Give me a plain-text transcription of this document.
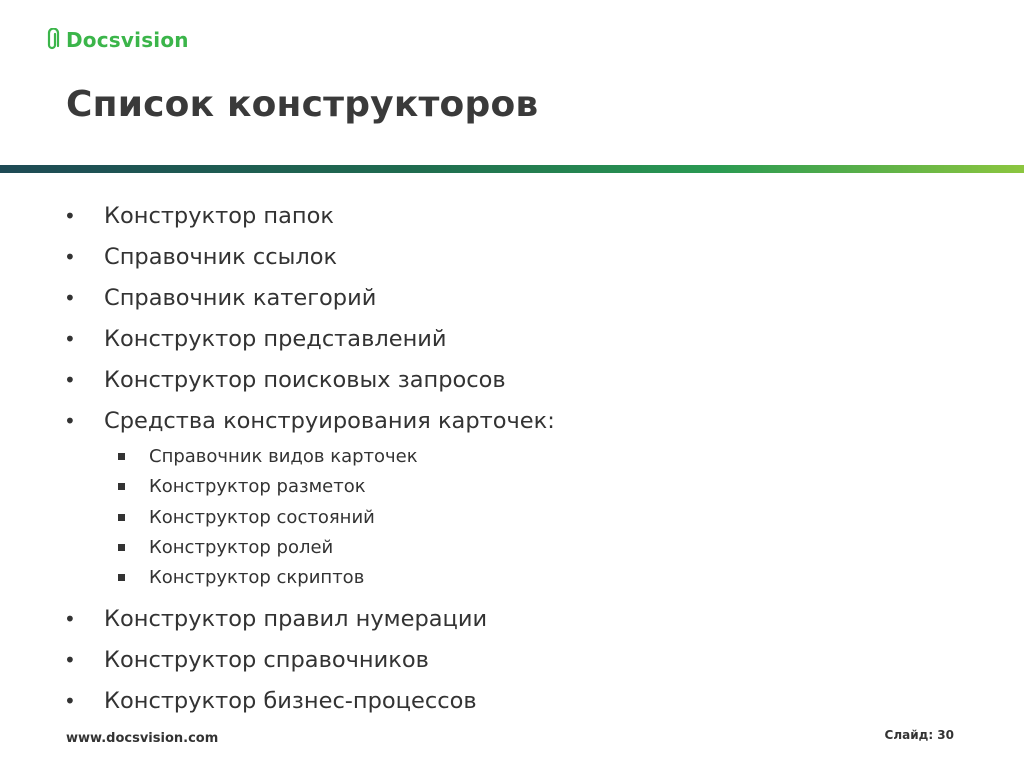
Docsvision
Список конструкторов
• Конструктор папок
• Справочник ссылок
• Справочник категорий
• Конструктор представлений
• Конструктор поисковых запросов
• Средства конструирования карточек:
Справочник видов карточек
Конструктор разметок
Конструктор состояний
Конструктор ролей
Конструктор скриптов
• Конструктор правил нумерации
• Конструктор справочников
• Конструктор бизнес-процессов
www.docsvision.com	Слайд: 30
